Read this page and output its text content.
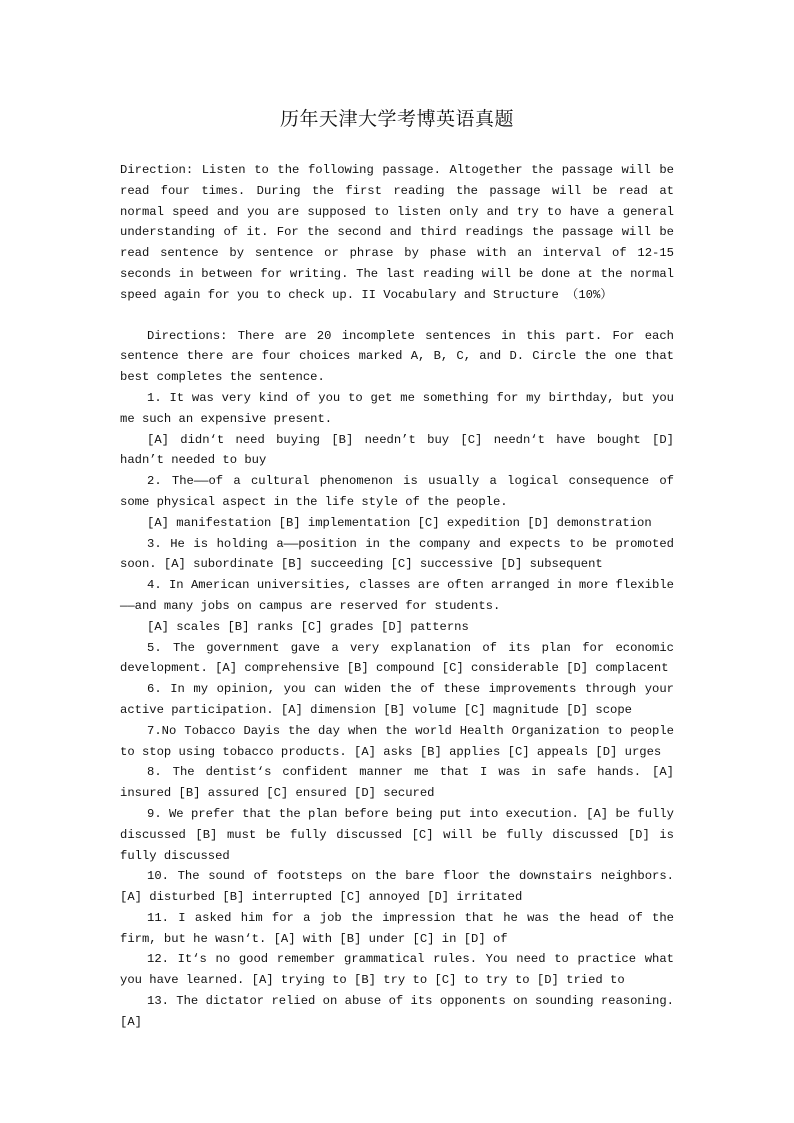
历年天津大学考博英语真题

Direction: Listen to the following passage. Altogether the passage will be read four times. During the first reading the passage will be read at normal speed and you are supposed to listen only and try to have a general understanding of it. For the second and third readings the passage will be read sentence by sentence or phrase by phase with an interval of 12-15 seconds in between for writing. The last reading will be done at the normal speed again for you to check up. II Vocabulary and Structure （10%）

Directions: There are 20 incomplete sentences in this part. For each sentence there are four choices marked A, B, C, and D. Circle the one that best completes the sentence.

1. It was very kind of you to get me something for my birthday, but you me such an expensive present.

[A] didn‘t need buying [B] needn’t buy [C] needn‘t have bought [D] hadn’t needed to buy

2. The——of a cultural phenomenon is usually a logical consequence of some physical aspect in the life style of the people.

[A] manifestation [B] implementation [C] expedition [D] demonstration

3. He is holding a——position in the company and expects to be promoted soon. [A] subordinate [B] succeeding [C] successive [D] subsequent

4. In American universities, classes are often arranged in more flexible——and many jobs on campus are reserved for students.

[A] scales [B] ranks [C] grades [D] patterns

5. The government gave a very explanation of its plan for economic development. [A] comprehensive [B] compound [C] considerable [D] complacent

6. In my opinion, you can widen the of these improvements through your active participation. [A] dimension [B] volume [C] magnitude [D] scope

7.No Tobacco Dayis the day when the world Health Organization to people to stop using tobacco products. [A] asks [B] applies [C] appeals [D] urges

8. The dentist‘s confident manner me that I was in safe hands. [A] insured [B] assured [C] ensured [D] secured

9. We prefer that the plan before being put into execution. [A] be fully discussed [B] must be fully discussed [C] will be fully discussed [D] is fully discussed

10. The sound of footsteps on the bare floor the downstairs neighbors. [A] disturbed [B] interrupted [C] annoyed [D] irritated

11. I asked him for a job the impression that he was the head of the firm, but he wasn‘t. [A] with [B] under [C] in [D] of

12. It‘s no good remember grammatical rules. You need to practice what you have learned. [A] trying to [B] try to [C] to try to [D] tried to

13. The dictator relied on abuse of its opponents on sounding reasoning. [A]
